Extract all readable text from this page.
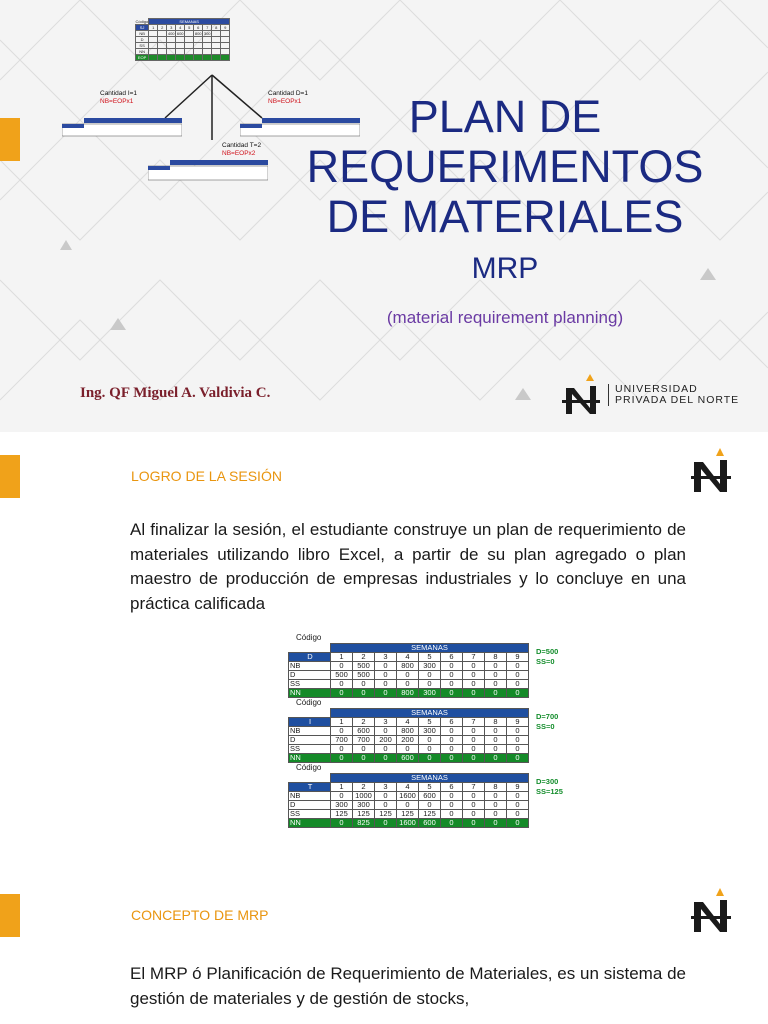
Código	SEMANAS								
SJ	1	2	3	4	5	6	7	8	9
NB			400	600		800	300		
D									
SS									
NN									
EOP									
Cantidad I=1
NB=EOPx1
Cantidad D=1
NB=EOPx1
Cantidad T=2
NB=EOPx2
PLAN DE
REQUERIMENTOS
DE MATERIALES
MRP
(material requirement planning)
Ing. QF Miguel A. Valdivia C.	UNIVERSIDAD
PRIVADA DEL NORTE
LOGRO DE LA SESIÓN
Al finalizar la sesión, el estudiante construye un plan de requerimiento de materiales utilizando libro Excel, a partir de su plan agregado o plan maestro de producción de empresas industriales y lo concluye en una práctica calificada
Código
	SEMANAS								
D	1	2	3	4	5	6	7	8	9
NB	0	500	0	800	300	0	0	0	0
D	500	500	0	0	0	0	0	0	0
SS	0	0	0	0	0	0	0	0	0
NN	0	0	0	800	300	0	0	0	0
D=500
SS=0
Código
	SEMANAS								
I	1	2	3	4	5	6	7	8	9
NB	0	600	0	800	300	0	0	0	0
D	700	700	200	200	0	0	0	0	0
SS	0	0	0	0	0	0	0	0	0
NN	0	0	0	600	0	0	0	0	0
D=700
SS=0
Código
	SEMANAS								
T	1	2	3	4	5	6	7	8	9
NB	0	1000	0	1600	600	0	0	0	0
D	300	300	0	0	0	0	0	0	0
SS	125	125	125	125	125	0	0	0	0
NN	0	825	0	1600	600	0	0	0	0
D=300
SS=125
CONCEPTO DE MRP
El MRP ó Planificación de Requerimiento de Materiales, es un sistema de gestión de materiales y de gestión de stocks,
